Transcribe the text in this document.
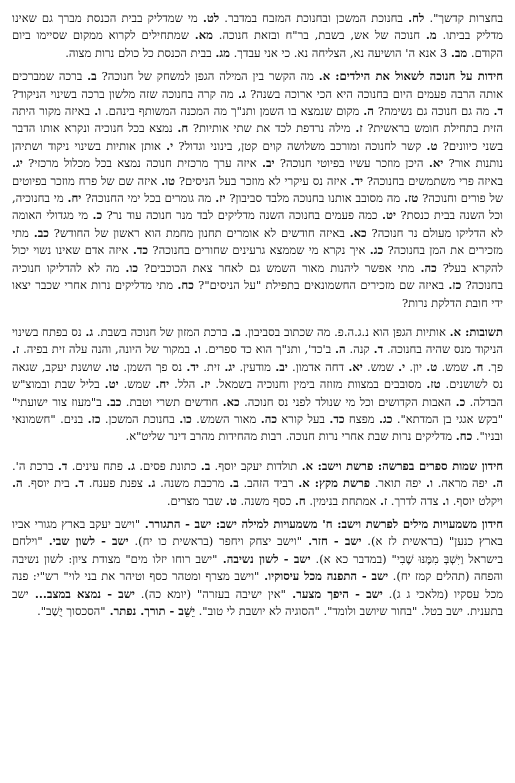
בחצרות קדשך". לח. בחנוכת המשכן ובחנוכת המזבח במדבר. לט. מי שמדליק בבית הכנסת מברך גם שאינו מדליק בביתו. מ. חנוכה של אש, בשבת, בר"ח ובזאת חנוכה. מא. שמתחילים לקרוא ממקום שסיימו ביום הקודם. מב. 3 אנא ה' הושיעה נא, הצליחה נא. כי אני עבדך. מג. בבית הכנסת כל כולם נרות מצוה.

חידות על חנוכה לשאול את הילדים: א. מה הקשר בין המילה הגפן למשחק של חנוכה? ב. ברכה שמברכים אותה הרבה פעמים היום בחנוכה היא הכי ארוכה בשנה? ג. מה קרה בחנוכה שזה מלשון ברכה בשינוי הניקוד? ד. מה גם חנוכה גם נשימה? ה. מקום שנמצא בו השמן ותנ"ך מה המכנה המשותף בינהם. ו. באיזה מקור היתה הזית בתחילת חומש בראשית? ז. מילה נרדפת לכד את שתי אותיות? ח. נמצא בכל חנוכיה ונקרא אותו הדבר בשני כיוונים? ט. קשר לחנוכה ומורכב משלושה קוים קטן, בינוני וגדול? י. אותן אותיות בשינוי ניקוד ושתיהן נותנות אור? יא. היכן מוזכר עשיו בפיוטי חנוכה? יב. איזה ערך מרכזית חנוכה נמצא בכל מכלול מרכזי? יג. באיזה פרי משתמשים בחנוכה? יד. איזה נס עיקרי לא מוזכר בעל הניסים? טו. איזה שם של פרח מוזכר בפיוטים של פורים וחנוכה? טז. מה מסובב אותנו בחנוכה מלבד סביבון? יז. מה גומרים בכל ימי החנוכה? יח. מי בחנוכיה, וכל השנה בבית כנסת? יט. כמה פעמים בחנוכה השנה מדליקים לבד מנר חנוכה עוד נר? כ. מי מגדולי האומה לא הדליקו מעולם נר חנוכה? כא. באיזה חודשים לא אומרים תחנון מחמת הוא ראשון של החודש? כב. מתי מזכירים את המן בחנוכה? כג. איך נקרא מי שממצא גרעינים שחורים בחנוכה? כד. איזה אדם שאינו נשוי יכול להקרא בעל? כה. מתי אפשר ליהנות מאור השמש גם לאחר צאת הכוכבים? כו. מה לא להדליקו חנוכיה בחנוכה? כז. באיזה שם מזכירים החשמונאים בתפילת "על הניסים"? כח. מתי מדליקים נרות אחרי שכבר יצאו ידי חובת הדלקת נרות?

תשובות: א. אותיות הגפן הוא נ.ג.ה.פ. מה שכתוב בסביבון. ב. ברכת המזון של חנוכה בשבת. ג. נס בפתח בשינוי הניקוד מנס שהיה בחנוכה. ד. קנה. ה. ב'כד', ותנ"ך הוא כד ספרים. ו. במקור של היונה, והנה עלה זית בפיה. ז. פך. ח. שמש. ט. יון. י. שמש. יא. דחה אדמון. יב. מודעין. יג. זית. יד. נס פך השמן. טו. שושנת יעקב, שגאה נס לשושנים. טז. מסובבים במצוות מזוזה בימין וחנוכיה בשמאל. יז. הלל. יח. שמש. יט. בליל שבת ובמוצ"ש הבדלה. כ. האבות הקדושים וכל מי שנולד לפני נס חנוכה. כא. חודשים תשרי וטבת. כב. ב"מעוז צור ישועתי" "בקש אגגי בן המדתא". כג. מפצח כד. בעל קורא כה. מאור השמש. כו. בחנוכת המשכן. כז. בנים. "חשמונאי ובניו". כח. מדליקים נרות שבת אחרי נרות חנוכה. רבות מהחידות מהרב דינר שליט"א.

חידון שמות ספרים בפרשה: פרשת וישב: א. תולדות יעקב יוסף. ב. כתונת פסים. ג. פתח עינים. ד. ברכת ה'. ה. יפה מראה. ו. יפה תואר. פרשת מקץ: א. רביד הזהב. ב. מרכבת משנה. ג. צפנת פענח. ד. בית יוסף. ה. ויקלט יוסף. ו. צדה לדרך. ז. אמתחת בנימין. ח. כסף משנה. ט. שבר מצרים.

חידון משמעויות מילים לפרשת וישב: ח' משמעויות למילה ישב: ישב - התגורר. "וישב יעקב בארץ מגורי אביו בארץ כנען" (בראשית לז א). ישב - חזר. "וישב יצחק ויחפר (בראשית כו יח). ישב - לשון שבי. "וילחם בישראל וַיִּשְׁבְּ מִמֶּנּוּ שֶׁבִי" (במדבר כא א). ישב - לשון נשיבה. "ישב רוחו יזלו מים" מצודת ציון: לשון נשיבה והפחה (תהלים קמז יח). ישב - התפנה מכל עיסוקיו. "וישב מצרף ומטהר כסף וטיהר את בני לוי" רש"י: פנה מכל עסקיו (מלאכי ג ג). ישב - היפך מצער. "אין ישיבה בעזרה" (יומא כה). ישב - נמצא במצב... ישב בתענית. ישב בטל. "בחור שיושב ולומד". "הסוגיה לא יושבת לי טוב". יֵשֵׁב - תורך. נפתר. "הסכסוך יֻשַׁב".
